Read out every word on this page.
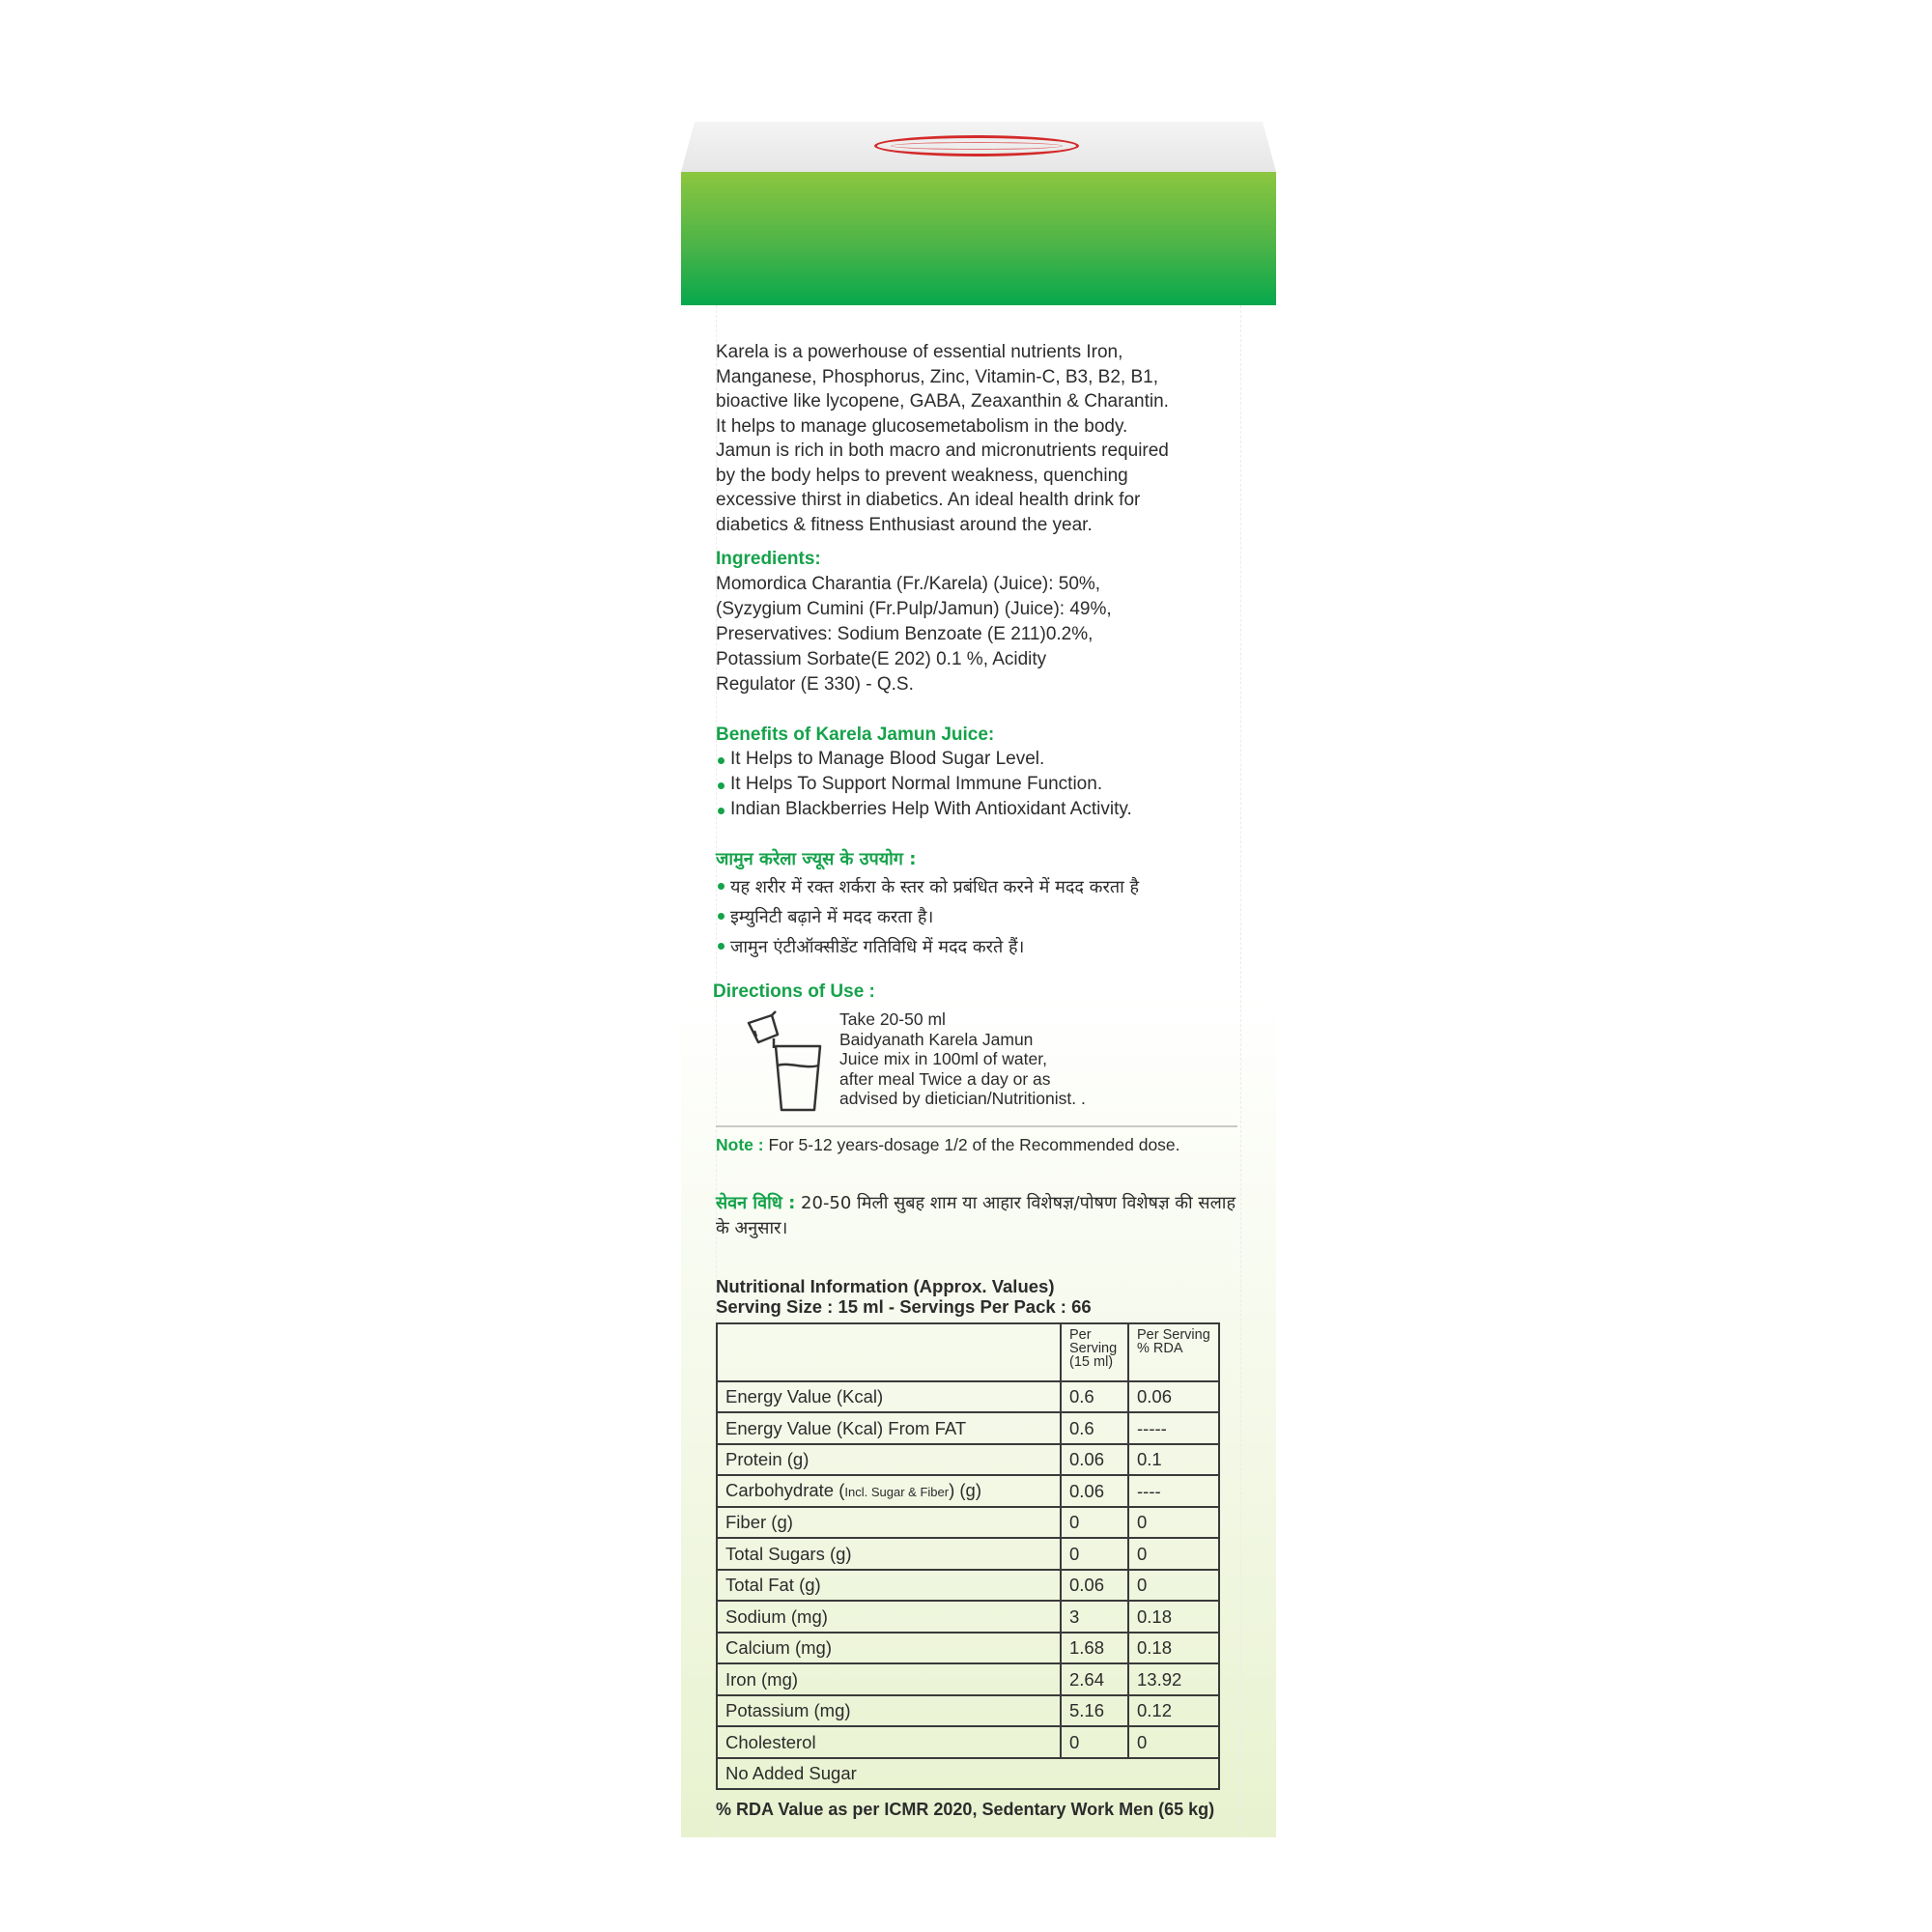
Karela is a powerhouse of essential nutrients Iron,
Manganese, Phosphorus, Zinc, Vitamin-C, B3, B2, B1,
bioactive like lycopene, GABA, Zeaxanthin & Charantin.
It helps to manage glucosemetabolism in the body.
Jamun is rich in both macro and micronutrients required
by the body helps to prevent weakness, quenching
excessive thirst in diabetics. An ideal health drink for
diabetics & fitness Enthusiast around the year.

Ingredients:

Momordica Charantia (Fr./Karela) (Juice): 50%,
(Syzygium Cumini (Fr.Pulp/Jamun) (Juice): 49%,
Preservatives: Sodium Benzoate (E 211)0.2%,
Potassium Sorbate(E 202) 0.1 %, Acidity
Regulator (E 330) - Q.S.

Benefits of Karela Jamun Juice:

It Helps to Manage Blood Sugar Level.
It Helps To Support Normal Immune Function.
Indian Blackberries Help With Antioxidant Activity.

जामुन करेला ज्यूस के उपयोग :

यह शरीर में रक्त शर्करा के स्तर को प्रबंधित करने में मदद करता है
इम्युनिटी बढ़ाने में मदद करता है।
जामुन एंटीऑक्सीडेंट गतिविधि में मदद करते हैं।

Directions of Use :

Take 20-50 ml
Baidyanath Karela Jamun
Juice mix in 100ml of water,
after meal Twice a day or as
advised by dietician/Nutritionist. .
Note : For 5-12 years-dosage 1/2 of the Recommended dose.
सेवन विधि : 20-50 मिली सुबह शाम या आहार विशेषज्ञ/पोषण विशेषज्ञ की सलाह के अनुसार।
Nutritional Information (Approx. Values)
Serving Size : 15 ml - Servings Per Pack : 66
	Per Serving (15 ml)	Per Serving % RDA
Energy Value (Kcal)	0.6	0.06
Energy Value (Kcal) From FAT	0.6	-----
Protein (g)	0.06	0.1
Carbohydrate (Incl. Sugar & Fiber) (g)	0.06	----
Fiber (g)	0	0
Total Sugars (g)	0	0
Total Fat (g)	0.06	0
Sodium (mg)	3	0.18
Calcium (mg)	1.68	0.18
Iron (mg)	2.64	13.92
Potassium (mg)	5.16	0.12
Cholesterol	0	0
No Added Sugar		
% RDA Value as per ICMR 2020, Sedentary Work Men (65 kg)
